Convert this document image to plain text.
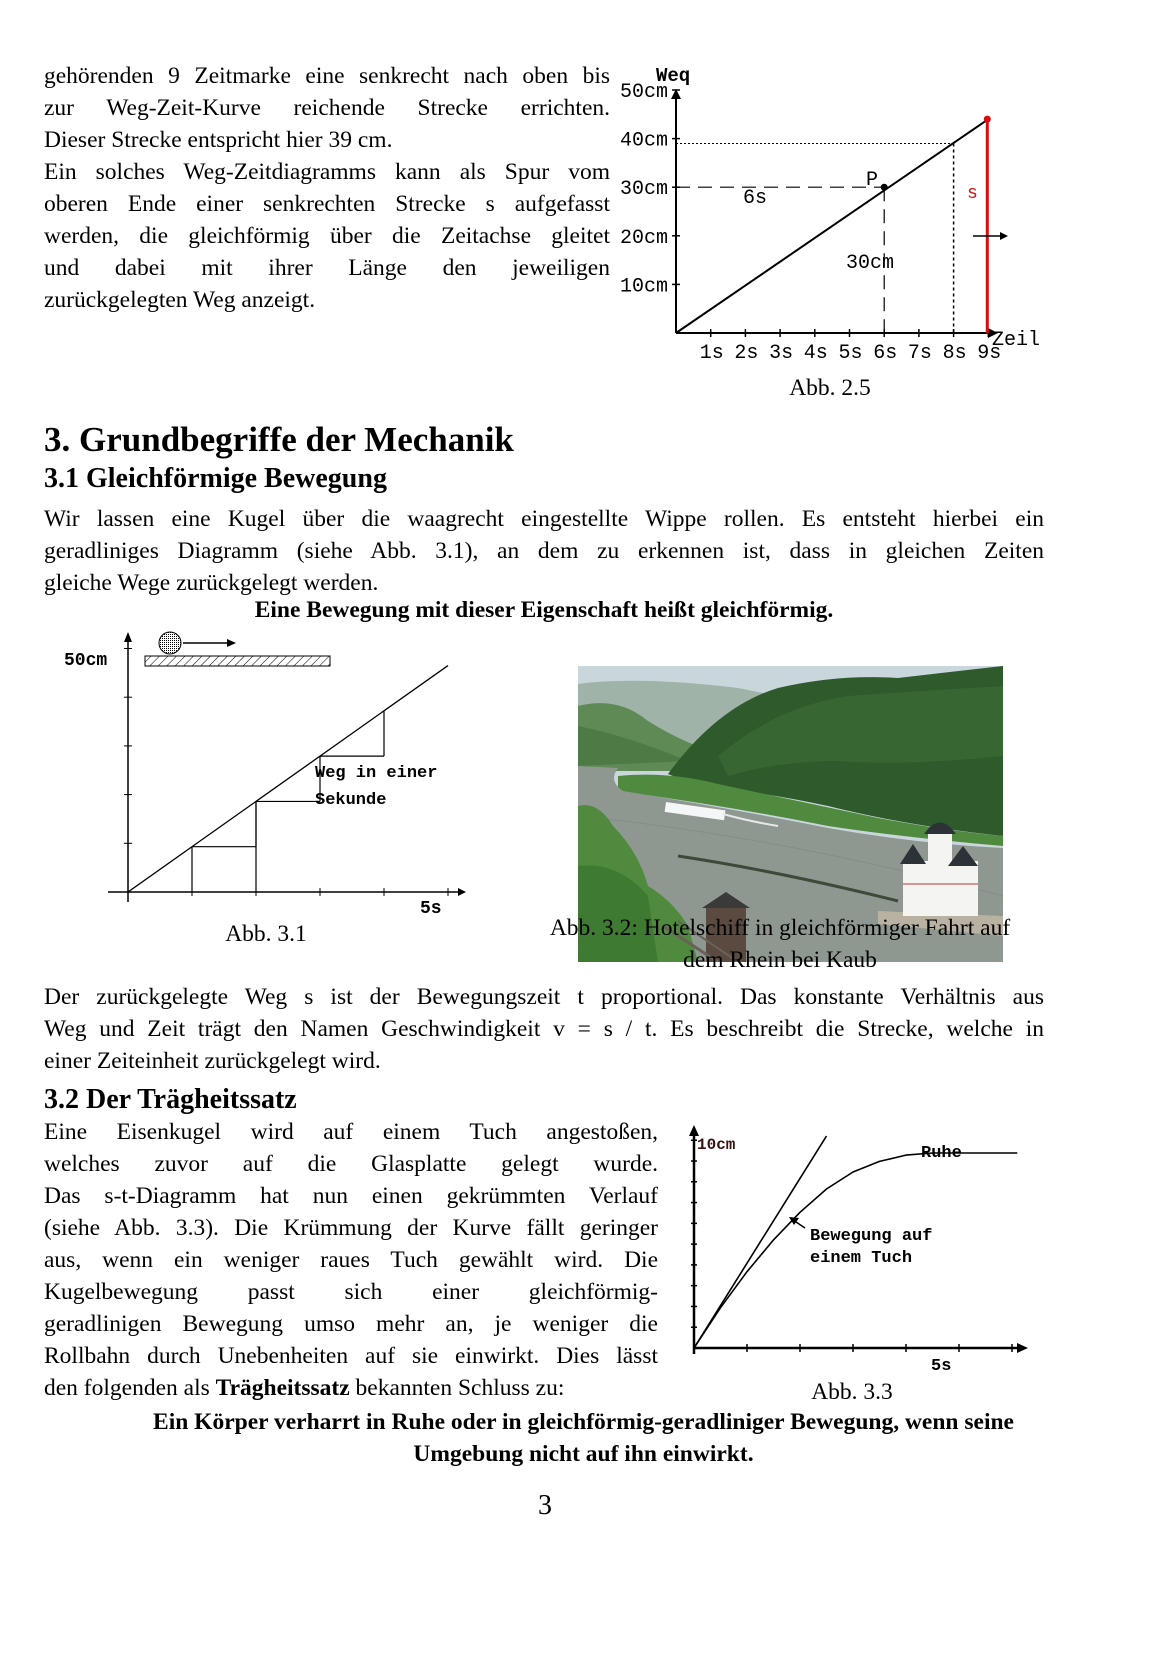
gehörenden 9 Zeitmarke eine senkrecht nach oben bis

zur Weg-Zeit-Kurve reichende Strecke errichten.

Dieser Strecke entspricht hier 39 cm.

Ein solches Weg-Zeitdiagramms kann als Spur vom

oberen Ende einer senkrechten Strecke s aufgefasst

werden, die gleichförmig über die Zeitachse gleitet

und dabei mit ihrer Länge den jeweiligen

zurückgelegten Weg anzeigt.

1s 2s 3s 4s 5s 6s 7s 8s 9s
10cm
20cm
30cm
40cm
50cm
Weq
Zeil
P
6s
30cm
s
Abb. 2.5
3. Grundbegriffe der Mechanik
3.1 Gleichförmige Bewegung

Wir lassen eine Kugel über die waagrecht eingestellte Wippe rollen. Es entsteht hierbei ein

geradliniges Diagramm (siehe Abb. 3.1), an dem zu erkennen ist, dass in gleichen Zeiten

gleiche Wege zurückgelegt werden.

Eine Bewegung mit dieser Eigenschaft heißt gleichförmig.
50cm
5s
Weg in einer
Sekunde
Abb. 3.1	Abb. 3.2: Hotelschiff in gleichförmiger Fahrt auf
dem Rhein bei Kaub

Der zurückgelegte Weg s ist der Bewegungszeit t proportional. Das konstante Verhältnis aus

Weg und Zeit trägt den Namen Geschwindigkeit v = s / t. Es beschreibt die Strecke, welche in

einer Zeiteinheit zurückgelegt wird.

3.2 Der Trägheitssatz

Eine Eisenkugel wird auf einem Tuch angestoßen,

welches zuvor auf die Glasplatte gelegt wurde.

Das s-t-Diagramm hat nun einen gekrümmten Verlauf

(siehe Abb. 3.3). Die Krümmung der Kurve fällt geringer

aus, wenn ein weniger raues Tuch gewählt wird. Die

Kugelbewegung passt sich einer gleichförmig-

geradlinigen Bewegung umso mehr an, je weniger die

Rollbahn durch Unebenheiten auf sie einwirkt. Dies lässt

den folgenden als Trägheitssatz bekannten Schluss zu:

10cm
5s
Ruhe
Bewegung auf
einem Tuch
Abb. 3.3
Ein Körper verharrt in Ruhe oder in gleichförmig-geradliniger Bewegung, wenn seine
Umgebung nicht auf ihn einwirkt.
3
